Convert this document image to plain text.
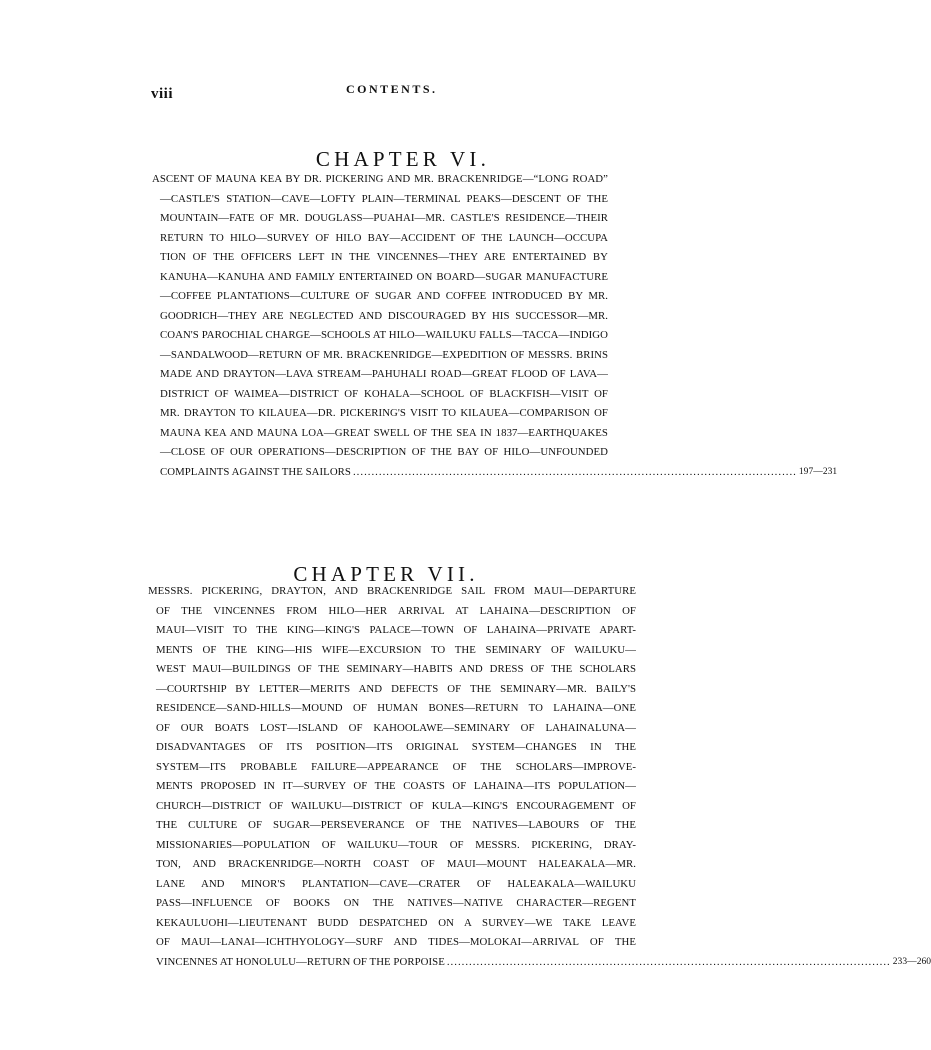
viii	CONTENTS.
CHAPTER VI.
ASCENT OF MAUNA KEA BY DR. PICKERING AND MR. BRACKENRIDGE—“LONG ROAD”
—CASTLE'S STATION—CAVE—LOFTY PLAIN—TERMINAL PEAKS—DESCENT OF THE
MOUNTAIN—FATE OF MR. DOUGLASS—PUAHAI—MR. CASTLE'S RESIDENCE—THEIR
RETURN TO HILO—SURVEY OF HILO BAY—ACCIDENT OF THE LAUNCH—OCCUPA
TION OF THE OFFICERS LEFT IN THE VINCENNES—THEY ARE ENTERTAINED BY
KANUHA—KANUHA AND FAMILY ENTERTAINED ON BOARD—SUGAR MANUFACTURE
—COFFEE PLANTATIONS—CULTURE OF SUGAR AND COFFEE INTRODUCED BY MR.
GOODRICH—THEY ARE NEGLECTED AND DISCOURAGED BY HIS SUCCESSOR—MR.
COAN'S PAROCHIAL CHARGE—SCHOOLS AT HILO—WAILUKU FALLS—TACCA—INDIGO
—SANDALWOOD—RETURN OF MR. BRACKENRIDGE—EXPEDITION OF MESSRS. BRINS
MADE AND DRAYTON—LAVA STREAM—PAHUHALI ROAD—GREAT FLOOD OF LAVA—
DISTRICT OF WAIMEA—DISTRICT OF KOHALA—SCHOOL OF BLACKFISH—VISIT OF
MR. DRAYTON TO KILAUEA—DR. PICKERING'S VISIT TO KILAUEA—COMPARISON OF
MAUNA KEA AND MAUNA LOA—GREAT SWELL OF THE SEA IN 1837—EARTHQUAKES
—CLOSE OF OUR OPERATIONS—DESCRIPTION OF THE BAY OF HILO—UNFOUNDED
COMPLAINTS AGAINST THE SAILORS ........................................................................................................................ 197—231
CHAPTER VII.
MESSRS. PICKERING, DRAYTON, AND BRACKENRIDGE SAIL FROM MAUI—DEPARTURE
OF THE VINCENNES FROM HILO—HER ARRIVAL AT LAHAINA—DESCRIPTION OF
MAUI—VISIT TO THE KING—KING'S PALACE—TOWN OF LAHAINA—PRIVATE APART-
MENTS OF THE KING—HIS WIFE—EXCURSION TO THE SEMINARY OF WAILUKU—
WEST MAUI—BUILDINGS OF THE SEMINARY—HABITS AND DRESS OF THE SCHOLARS
—COURTSHIP BY LETTER—MERITS AND DEFECTS OF THE SEMINARY—MR. BAILY'S
RESIDENCE—SAND-HILLS—MOUND OF HUMAN BONES—RETURN TO LAHAINA—ONE
OF OUR BOATS LOST—ISLAND OF KAHOOLAWE—SEMINARY OF LAHAINALUNA—
DISADVANTAGES OF ITS POSITION—ITS ORIGINAL SYSTEM—CHANGES IN THE
SYSTEM—ITS PROBABLE FAILURE—APPEARANCE OF THE SCHOLARS—IMPROVE-
MENTS PROPOSED IN IT—SURVEY OF THE COASTS OF LAHAINA—ITS POPULATION—
CHURCH—DISTRICT OF WAILUKU—DISTRICT OF KULA—KING'S ENCOURAGEMENT OF
THE CULTURE OF SUGAR—PERSEVERANCE OF THE NATIVES—LABOURS OF THE
MISSIONARIES—POPULATION OF WAILUKU—TOUR OF MESSRS. PICKERING, DRAY-
TON, AND BRACKENRIDGE—NORTH COAST OF MAUI—MOUNT HALEAKALA—MR.
LANE AND MINOR'S PLANTATION—CAVE—CRATER OF HALEAKALA—WAILUKU
PASS—INFLUENCE OF BOOKS ON THE NATIVES—NATIVE CHARACTER—REGENT
KEKAULUOHI—LIEUTENANT BUDD DESPATCHED ON A SURVEY—WE TAKE LEAVE
OF MAUI—LANAI—ICHTHYOLOGY—SURF AND TIDES—MOLOKAI—ARRIVAL OF THE
VINCENNES AT HONOLULU—RETURN OF THE PORPOISE ........................................................................................................................ 233—260
